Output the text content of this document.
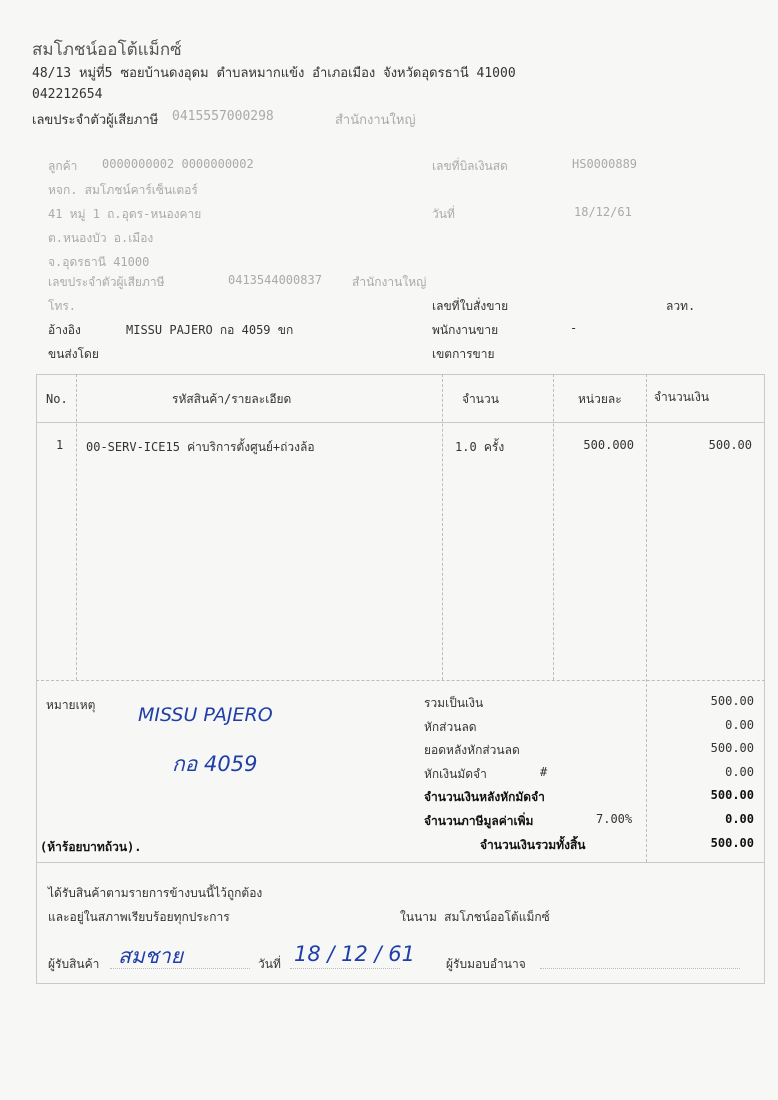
สมโภชน์ออโต้แม็กซ์
48/13 หมู่ที่5 ซอยบ้านดงอุดม ตำบลหมากแข้ง อำเภอเมือง จังหวัดอุดรธานี 41000
042212654
เลขประจำตัวผู้เสียภาษี 0415557000298	สำนักงานใหญ่
ลูกค้า 0000000002 0000000002
หจก. สมโภชน์คาร์เซ็นเตอร์
41 หมู่ 1 ถ.อุดร-หนองคาย
ต.หนองบัว อ.เมือง
จ.อุดรธานี 41000
เลขประจำตัวผู้เสียภาษี	0413544000837	สำนักงานใหญ่
โทร.
อ้างอิง	MISSU PAJERO กอ 4059 ขก
ขนส่งโดย
เลขที่บิลเงินสด	HS0000889
วันที่	18/12/61
เลขที่ใบสั่งขาย	ลวท.
พนักงานขาย	-
เขตการขาย
No.	รหัสสินค้า/รายละเอียด	จำนวน	หน่วยละ	จำนวนเงิน
1 00-SERV-ICE15 ค่าบริการตั้งศูนย์+ถ่วงล้อ	1.0 ครั้ง	500.000	500.00
หมายเหตุ MISSU PAJERO
กอ 4059
รวมเป็นเงิน	500.00
หักส่วนลด	0.00
ยอดหลังหักส่วนลด	500.00
หักเงินมัดจำ	#	0.00
จำนวนเงินหลังหักมัดจำ	500.00
จำนวนภาษีมูลค่าเพิ่ม	7.00%	0.00
จำนวนเงินรวมทั้งสิ้น	500.00
(ห้าร้อยบาทถ้วน).
ได้รับสินค้าตามรายการข้างบนนี้ไว้ถูกต้อง
และอยู่ในสภาพเรียบร้อยทุกประการ	ในนาม สมโภชน์ออโต้แม็กซ์
ผู้รับสินค้า สมชาย	วันที่ 18 / 12 / 61	ผู้รับมอบอำนาจ
